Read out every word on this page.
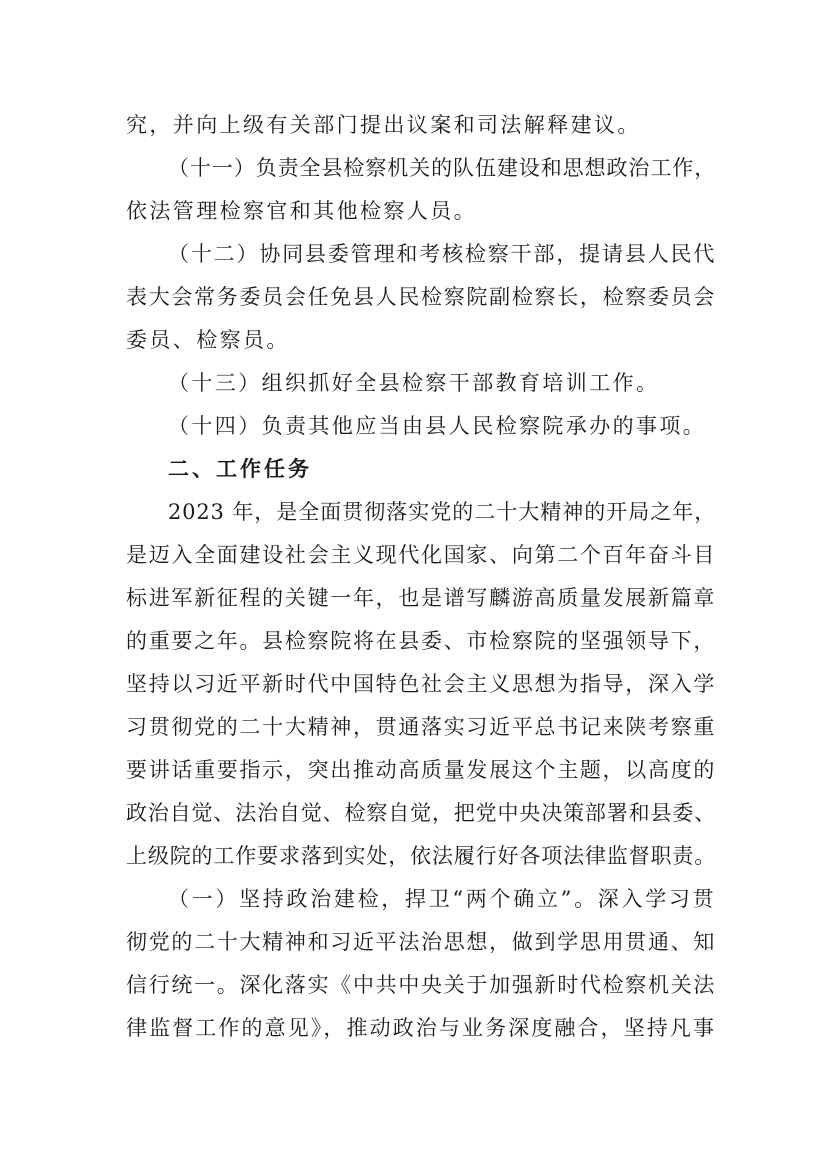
究，并向上级有关部门提出议案和司法解释建议。
（十一）负责全县检察机关的队伍建设和思想政治工作，
依法管理检察官和其他检察人员。
（十二）协同县委管理和考核检察干部，提请县人民代
表大会常务委员会任免县人民检察院副检察长，检察委员会
委员、检察员。
（十三）组织抓好全县检察干部教育培训工作。
（十四）负责其他应当由县人民检察院承办的事项。
二、工作任务
2023 年，是全面贯彻落实党的二十大精神的开局之年，
是迈入全面建设社会主义现代化国家、向第二个百年奋斗目
标进军新征程的关键一年，也是谱写麟游高质量发展新篇章
的重要之年。县检察院将在县委、市检察院的坚强领导下，
坚持以习近平新时代中国特色社会主义思想为指导，深入学
习贯彻党的二十大精神，贯通落实习近平总书记来陕考察重
要讲话重要指示，突出推动高质量发展这个主题，以高度的
政治自觉、法治自觉、检察自觉，把党中央决策部署和县委、
上级院的工作要求落到实处，依法履行好各项法律监督职责。
（一）坚持政治建检，捍卫“两个确立”。深入学习贯
彻党的二十大精神和习近平法治思想，做到学思用贯通、知
信行统一。深化落实《中共中央关于加强新时代检察机关法
律监督工作的意见》，推动政治与业务深度融合，坚持凡事
